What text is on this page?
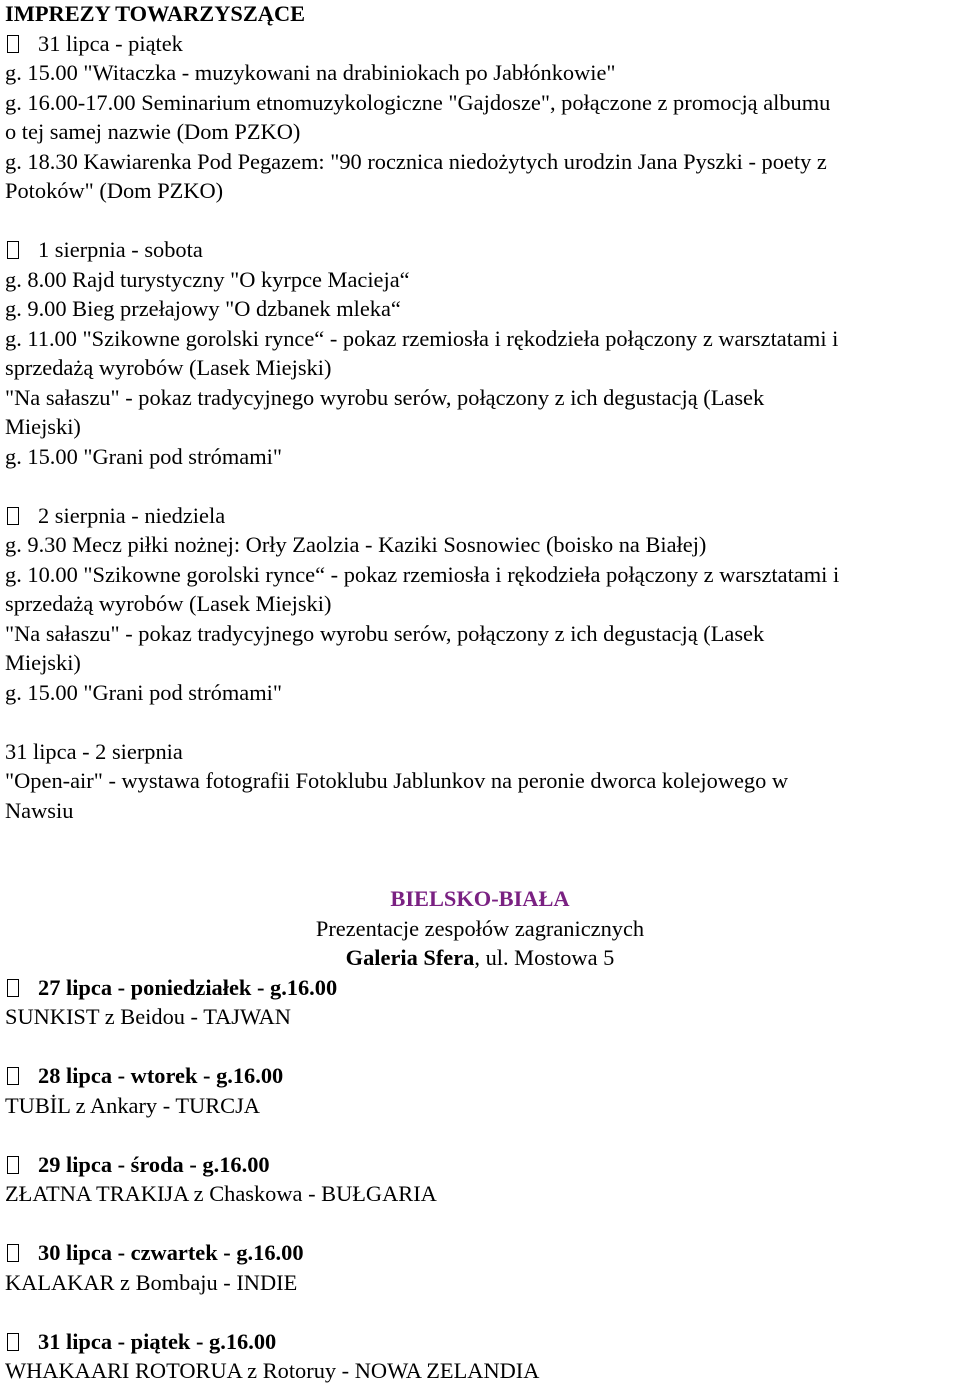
IMPREZY TOWARZYSZĄCE
31 lipca - piątek
g. 15.00 "Witaczka - muzykowani na drabiniokach po Jabłónkowie"
g. 16.00-17.00 Seminarium etnomuzykologiczne "Gajdosze", połączone z promocją albumu
o tej samej nazwie (Dom PZKO)
g. 18.30 Kawiarenka Pod Pegazem: "90 rocznica niedożytych urodzin Jana Pyszki - poety z
Potoków" (Dom PZKO)
1 sierpnia - sobota
g. 8.00 Rajd turystyczny "O kyrpce Macieja“
g. 9.00 Bieg przełajowy "O dzbanek mleka“
g. 11.00 "Szikowne gorolski rynce“ - pokaz rzemiosła i rękodzieła połączony z warsztatami i
sprzedażą wyrobów (Lasek Miejski)
"Na sałaszu" - pokaz tradycyjnego wyrobu serów, połączony z ich degustacją (Lasek
Miejski)
g. 15.00 "Grani pod strómami"
2 sierpnia - niedziela
g. 9.30 Mecz piłki nożnej: Orły Zaolzia - Kaziki Sosnowiec (boisko na Białej)
g. 10.00 "Szikowne gorolski rynce“ - pokaz rzemiosła i rękodzieła połączony z warsztatami i
sprzedażą wyrobów (Lasek Miejski)
"Na sałaszu" - pokaz tradycyjnego wyrobu serów, połączony z ich degustacją (Lasek
Miejski)
g. 15.00 "Grani pod strómami"
31 lipca - 2 sierpnia
"Open-air" - wystawa fotografii Fotoklubu Jablunkov na peronie dworca kolejowego w
Nawsiu
BIELSKO-BIAŁA
Prezentacje zespołów zagranicznych
Galeria Sfera, ul. Mostowa 5
27 lipca - poniedziałek - g.16.00
SUNKIST z Beidou - TAJWAN
28 lipca - wtorek - g.16.00
TUBİL z Ankary - TURCJA
29 lipca - środa - g.16.00
ZŁATNA TRAKIJA z Chaskowa - BUŁGARIA
30 lipca - czwartek - g.16.00
KALAKAR z Bombaju - INDIE
31 lipca - piątek - g.16.00
WHAKAARI ROTORUA z Rotoruy - NOWA ZELANDIA
